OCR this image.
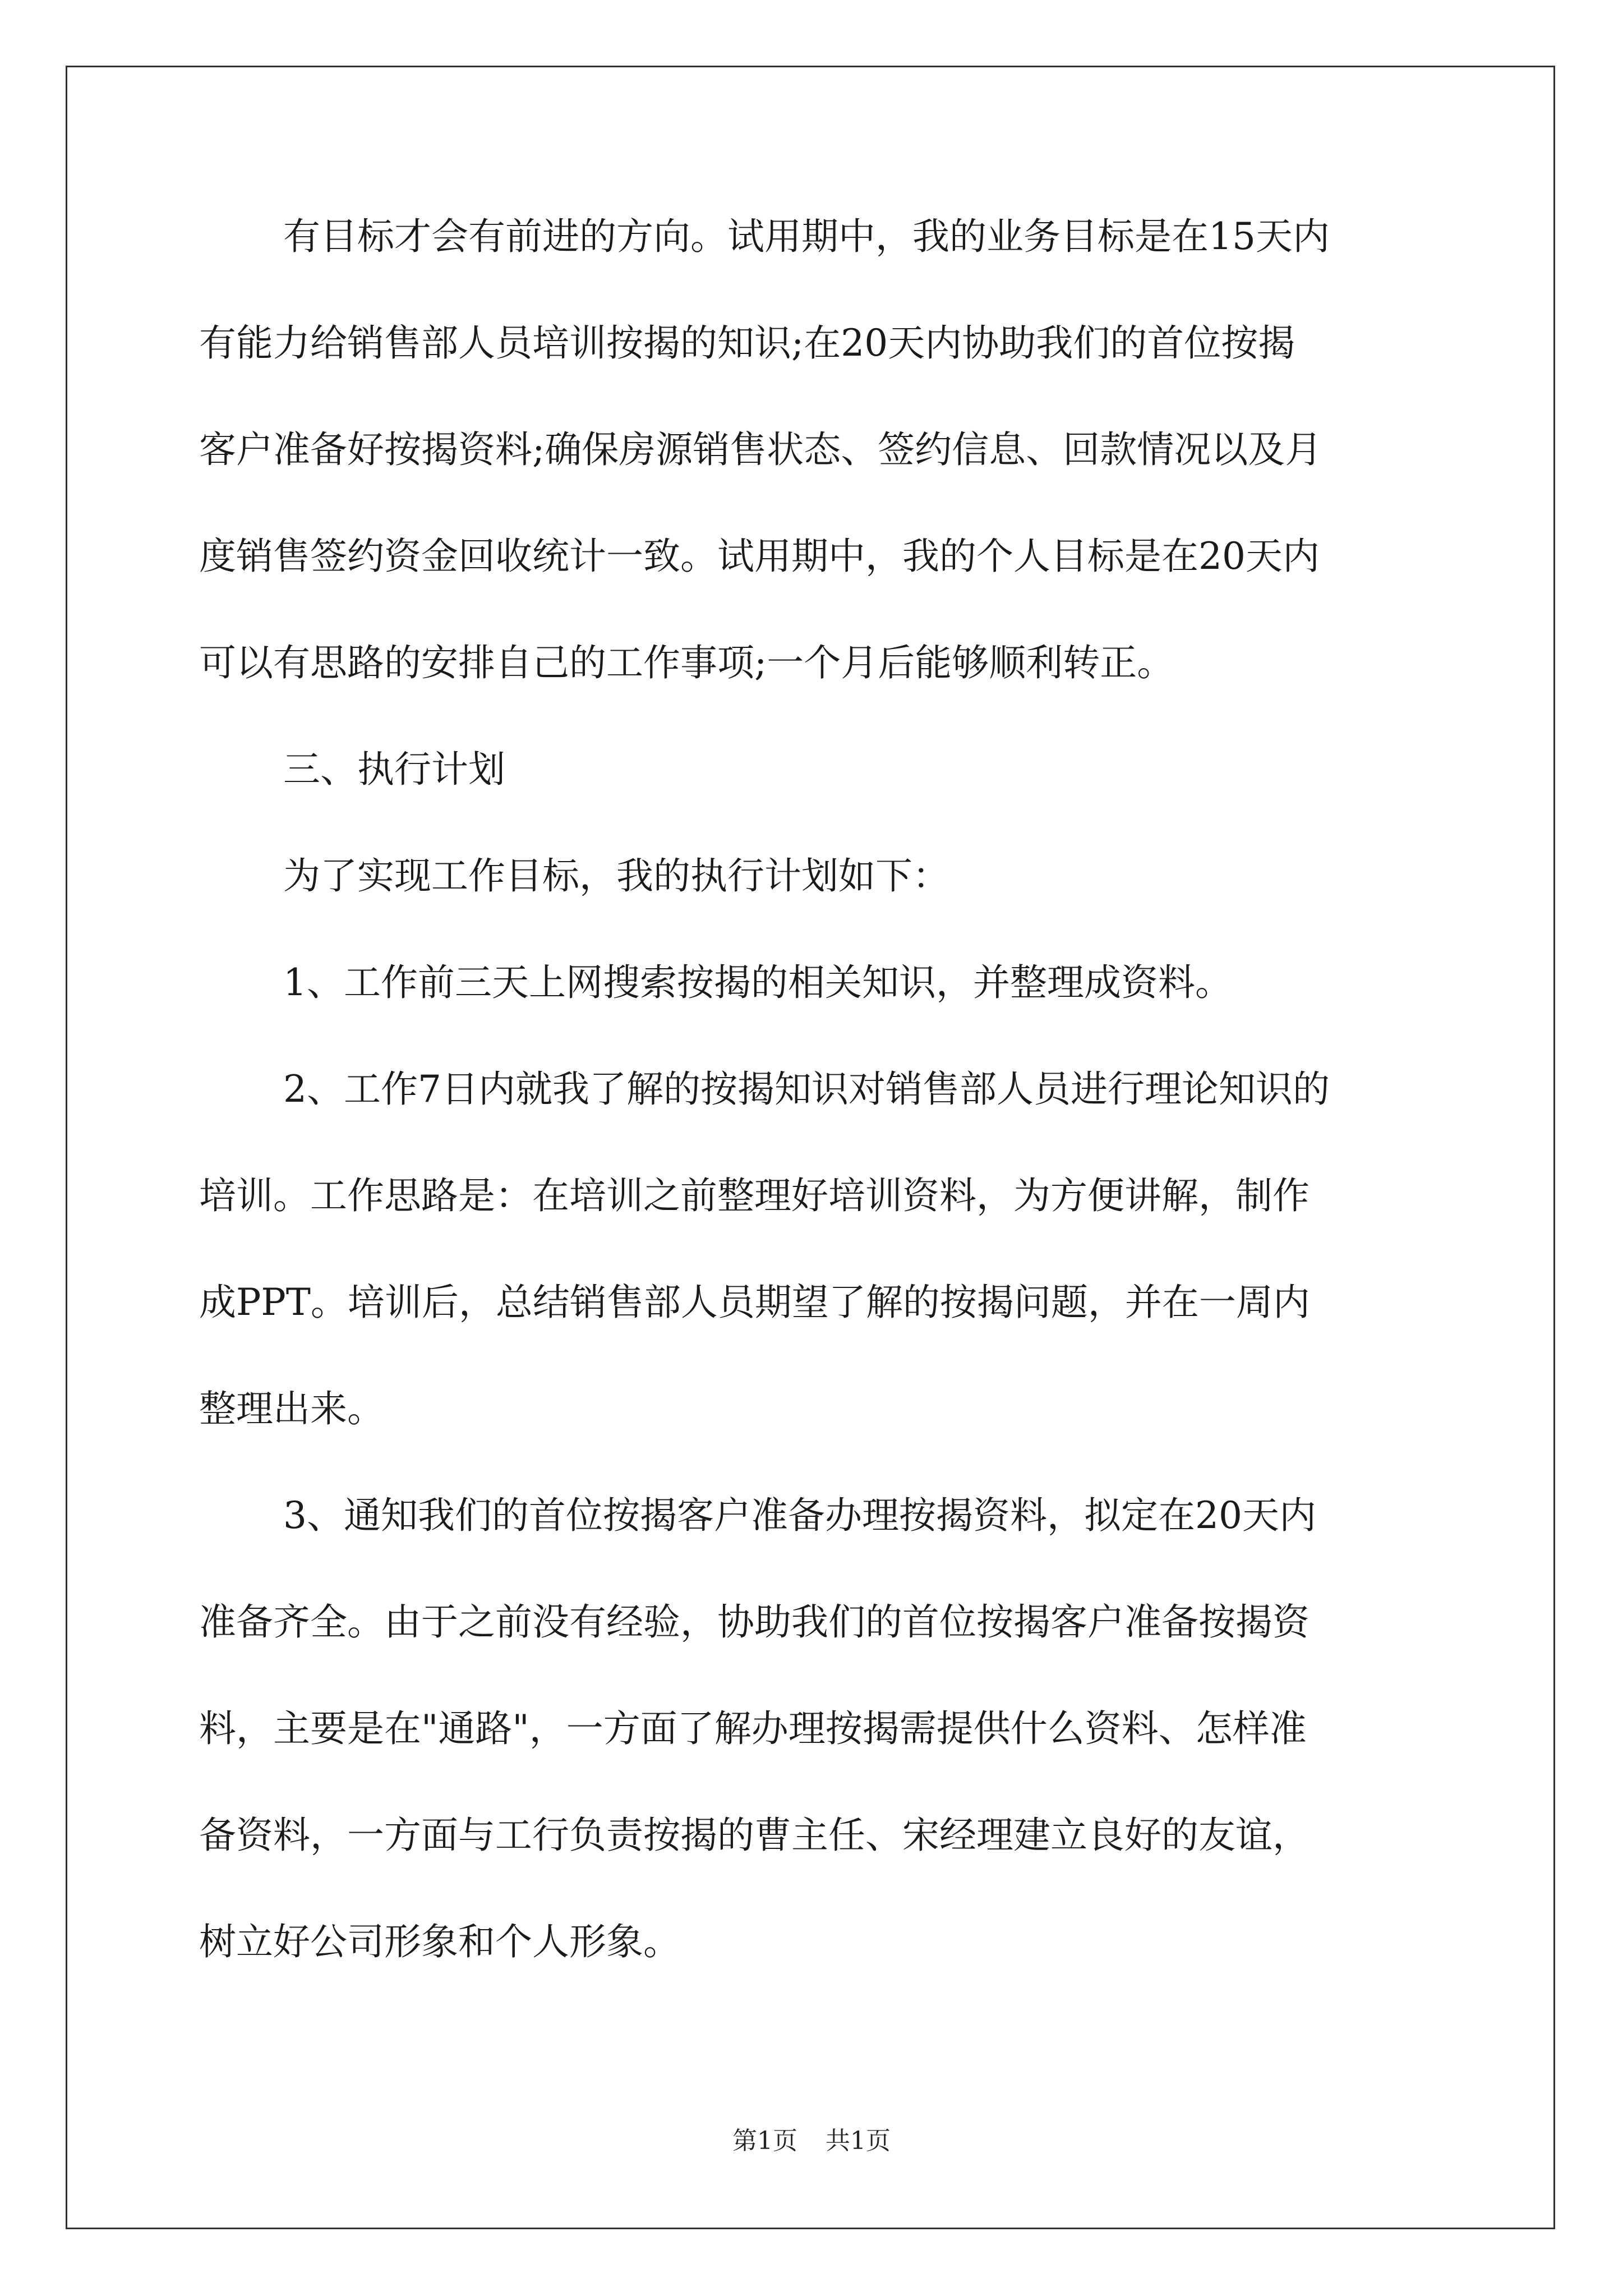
有目标才会有前进的方向。试用期中，我的业务目标是在15天内
有能力给销售部人员培训按揭的知识;在20天内协助我们的首位按揭
客户准备好按揭资料;确保房源销售状态、签约信息、回款情况以及月
度销售签约资金回收统计一致。试用期中，我的个人目标是在20天内
可以有思路的安排自己的工作事项;一个月后能够顺利转正。
三、执行计划
为了实现工作目标，我的执行计划如下：
1、工作前三天上网搜索按揭的相关知识，并整理成资料。
2、工作7日内就我了解的按揭知识对销售部人员进行理论知识的
培训。工作思路是：在培训之前整理好培训资料，为方便讲解，制作
成PPT。培训后，总结销售部人员期望了解的按揭问题，并在一周内
整理出来。
3、通知我们的首位按揭客户准备办理按揭资料，拟定在20天内
准备齐全。由于之前没有经验，协助我们的首位按揭客户准备按揭资
料，主要是在"通路"，一方面了解办理按揭需提供什么资料、怎样准
备资料，一方面与工行负责按揭的曹主任、宋经理建立良好的友谊，
树立好公司形象和个人形象。
第1页 共1页
